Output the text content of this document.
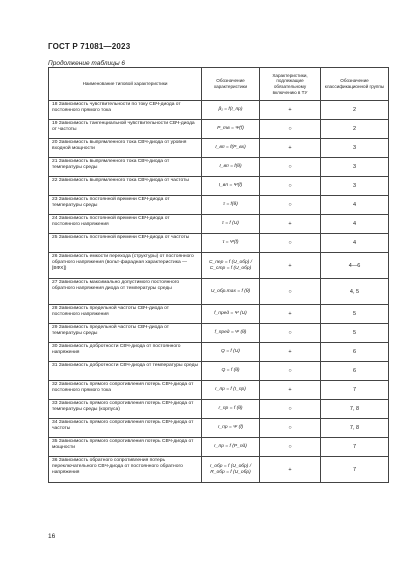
ГОСТ Р 71081—2023
Продолжение таблицы 6
Наименование типовой характеристики	Обозначение характеристики	Характеристики, подлежащие обязательному включению в ТУ	Обозначение классификационной группы
18 Зависимость чувствительности по току СВЧ-диода от постоянного прямого тока	β₁ = f(I_пр)	+	2
19 Зависимость тангенциальной чувствительности СВЧ-диода от частоты	P_тв = Ψ(f)	○	2
20 Зависимость выпрямленного тока СВЧ-диода от уровня входной мощности	I_вп = f(P_вх)	+	3
21 Зависимость выпрямленного тока СВЧ-диода от температуры среды	I_вп = f(θ)	○	3
22 Зависимость выпрямленного тока СВЧ-диода от частоты	I_вп = Ψ(f)	○	3
23 Зависимость постоянной времени СВЧ-диода от температуры среды	τ = f(θ)	○	4
24 Зависимость постоянной времени СВЧ-диода от постоянного напряжения	τ = f (U)	+	4
25 Зависимость постоянной времени СВЧ-диода от частоты	τ = Ψ(f)	○	4
26 Зависимость емкости перехода (структуры) от постоянного обратного напряжения (вольт-фарадная характеристика — [ВФХ])	C_пер = f (U_обр) / C_стр = f (U_обр)	+	4—6
27 Зависимость максимально допустимого постоянного обратного напряжения диода от температуры среды	U_обр.max = f (θ)	○	4, 5
28 Зависимость предельной частоты СВЧ-диода от постоянного напряжения	f_пред = Ψ (U)	+	5
29 Зависимость предельной частоты СВЧ-диода от температуры среды	f_пред = Ψ (θ)	○	5
30 Зависимость добротности СВЧ-диода от постоянного напряжения	Q = f (U)	+	6
31 Зависимость добротности СВЧ-диода от температуры среды	Q = f (θ)	○	6
32 Зависимость прямого сопротивления потерь СВЧ-диода от постоянного прямого тока	r_пр = f (I_пр)	+	7
33 Зависимость прямого сопротивления потерь СВЧ-диода от температуры среды (корпуса)	r_пр = f (θ)	○	7, 8
34 Зависимость прямого сопротивления потерь СВЧ-диода от частоты	r_пр = Ψ (f)	○	7, 8
35 Зависимость прямого сопротивления потерь СВЧ-диода от мощности	r_пр = f (P_пд)	○	7
36 Зависимость обратного сопротивления потерь переключательного СВЧ-диода от постоянного обратного напряжения	r_обр = f (U_обр) / R_обр = f (U_обр)	+	7
16
